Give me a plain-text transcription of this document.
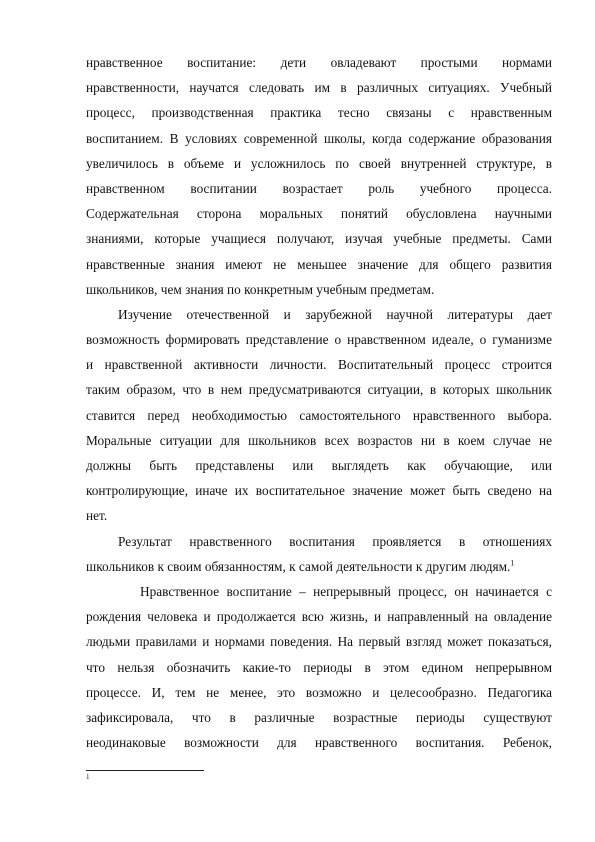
нравственное воспитание: дети овладевают простыми нормами
нравственности, научатся следовать им в различных ситуациях. Учебный
процесс, производственная практика тесно связаны с нравственным
воспитанием. В условиях современной школы, когда содержание образования
увеличилось в объеме и усложнилось по своей внутренней структуре, в
нравственном воспитании возрастает роль учебного процесса.
Содержательная сторона моральных понятий обусловлена научными
знаниями, которые учащиеся получают, изучая учебные предметы. Сами
нравственные знания имеют не меньшее значение для общего развития
школьников, чем знания по конкретным учебным предметам.
Изучение отечественной и зарубежной научной литературы дает
возможность формировать представление о нравственном идеале, о гуманизме
и нравственной активности личности. Воспитательный процесс строится
таким образом, что в нем предусматриваются ситуации, в которых школьник
ставится перед необходимостью самостоятельного нравственного выбора.
Моральные ситуации для школьников всех возрастов ни в коем случае не
должны быть представлены или выглядеть как обучающие, или
контролирующие, иначе их воспитательное значение может быть сведено на
нет.
Результат нравственного воспитания проявляется в отношениях
школьников к своим обязанностям, к самой деятельности к другим людям.$^1$
Нравственное воспитание – непрерывный процесс, он начинается с
рождения человека и продолжается всю жизнь, и направленный на овладение
людьми правилами и нормами поведения. На первый взгляд может показаться,
что нельзя обозначить какие-то периоды в этом едином непрерывном
процессе. И, тем не менее, это возможно и целесообразно. Педагогика
зафиксировала, что в различные возрастные периоды существуют
неодинаковые возможности для нравственного воспитания. Ребенок,
1
